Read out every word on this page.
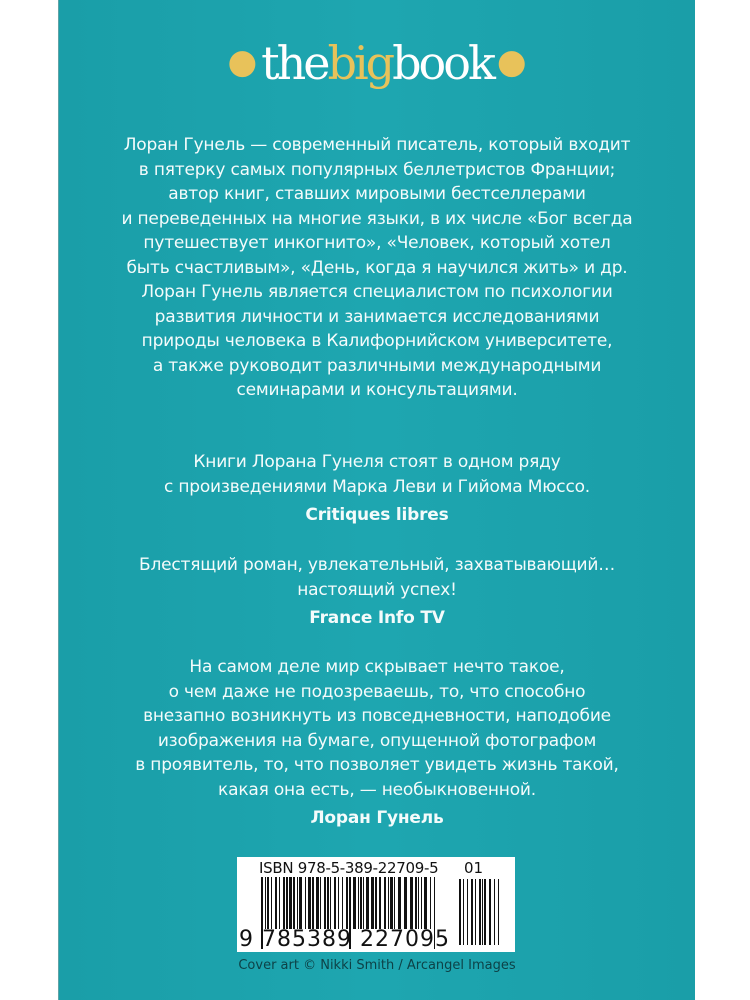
●thebigbook ●
Лоран Гунель — современный писатель, который входит
в пятерку самых популярных беллетристов Франции;
автор книг, ставших мировыми бестселлерами
и переведенных на многие языки, в их числе «Бог всегда
путешествует инкогнито», «Человек, который хотел
быть счастливым», «День, когда я научился жить» и др.
Лоран Гунель является специалистом по психологии
развития личности и занимается исследованиями
природы человека в Калифорнийском университете,
а также руководит различными международными
семинарами и консультациями.
Книги Лорана Гунеля стоят в одном ряду
с произведениями Марка Леви и Гийома Мюссо.
Critiques libres
Блестящий роман, увлекательный, захватывающий…
настоящий успех!
France Info TV
На самом деле мир скрывает нечто такое,
о чем даже не подозреваешь, то, что способно
внезапно возникнуть из повседневности, наподобие
изображения на бумаге, опущенной фотографом
в проявитель, то, что позволяет увидеть жизнь такой,
какая она есть, — необыкновенной.
Лоран Гунель
ISBN 978-5-389-22709-5 01
9 785389 227095
Cover art © Nikki Smith / Arcangel Images
